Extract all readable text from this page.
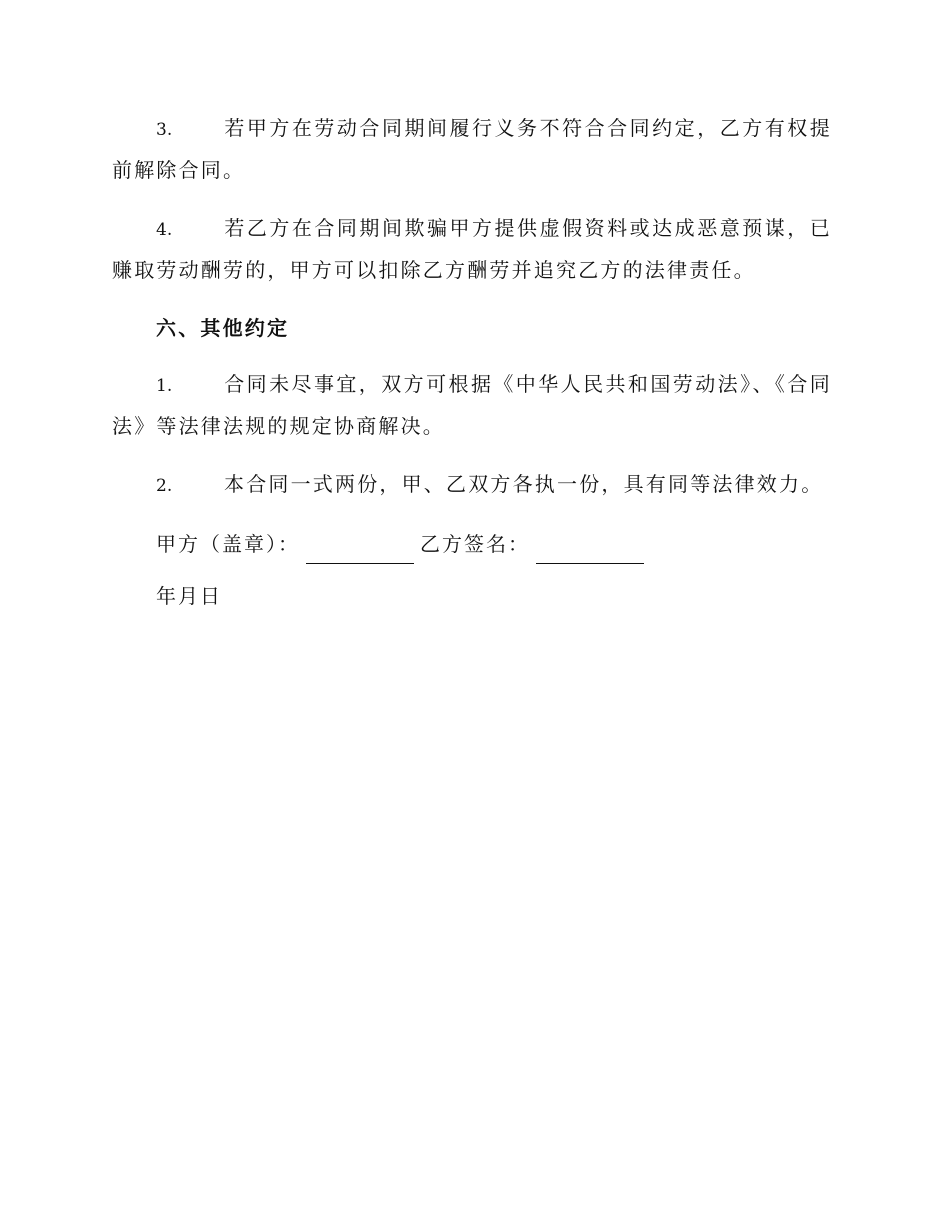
3.	若甲方在劳动合同期间履行义务不符合合同约定，乙方有权提前解除合同。

4.	若乙方在合同期间欺骗甲方提供虚假资料或达成恶意预谋，已赚取劳动酬劳的，甲方可以扣除乙方酬劳并追究乙方的法律责任。

六、其他约定

1.	合同未尽事宜，双方可根据《中华人民共和国劳动法》、《合同法》等法律法规的规定协商解决。

2.	本合同一式两份，甲、乙双方各执一份，具有同等法律效力。

甲方（盖章）：	乙方签名：
年月日
